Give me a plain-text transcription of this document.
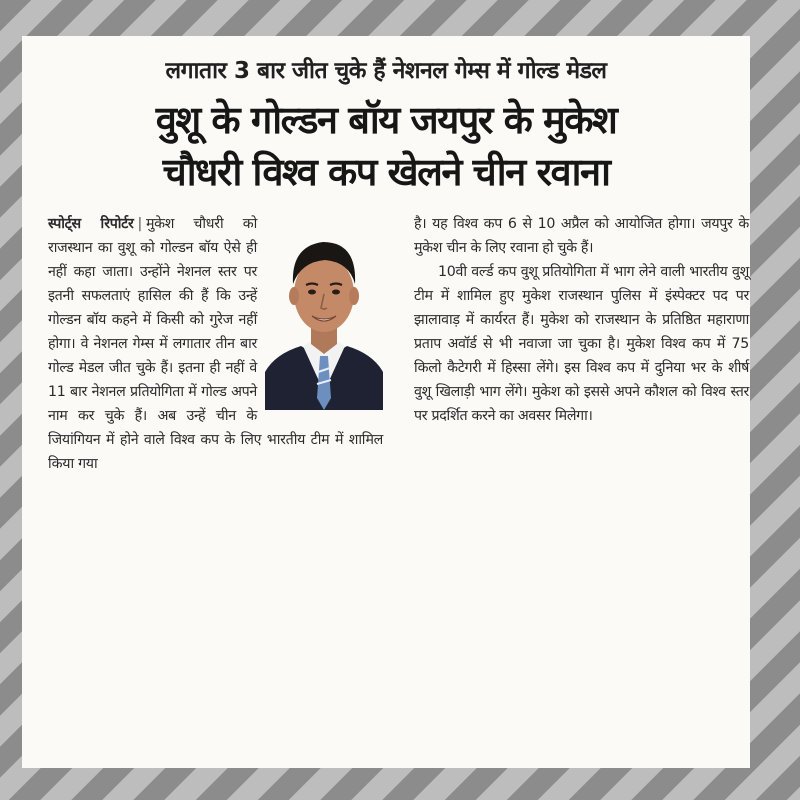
लगातार 3 बार जीत चुके हैं नेशनल गेम्स में गोल्ड मेडल
वुशू के गोल्डन बॉय जयपुर के मुकेश
चौधरी विश्व कप खेलने चीन रवाना
स्पोर्ट्स रिपोर्टर | मुकेश चौधरी को राजस्थान का वुशू को गोल्डन बॉय ऐसे ही नहीं कहा जाता। उन्होंने नेशनल स्तर पर इतनी सफलताएं हासिल की हैं कि उन्हें गोल्डन बॉय कहने में किसी को गुरेज नहीं होगा। वे नेशनल गेम्स में लगातार तीन बार गोल्ड मेडल जीत चुके हैं। इतना ही नहीं वे 11 बार नेशनल प्रतियोगिता में गोल्ड अपने नाम कर चुके हैं। अब उन्हें चीन के जियांगियन में होने वाले विश्व कप के लिए भारतीय टीम में शामिल किया गया
है। यह विश्व कप 6 से 10 अप्रैल को आयोजित होगा। जयपुर के मुकेश चीन के लिए रवाना हो चुके हैं।
10वी वर्ल्ड कप वुशू प्रतियोगिता में भाग लेने वाली भारतीय वुशू टीम में शामिल हुए मुकेश राजस्थान पुलिस में इंस्पेक्टर पद पर झालावाड़ में कार्यरत हैं। मुकेश को राजस्थान के प्रतिष्ठित महाराणा प्रताप अवॉर्ड से भी नवाजा जा चुका है। मुकेश विश्व कप में 75 किलो कैटेगरी में हिस्सा लेंगे। इस विश्व कप में दुनिया भर के शीर्ष वुशू खिलाड़ी भाग लेंगे। मुकेश को इससे अपने कौशल को विश्व स्तर पर प्रदर्शित करने का अवसर मिलेगा।
